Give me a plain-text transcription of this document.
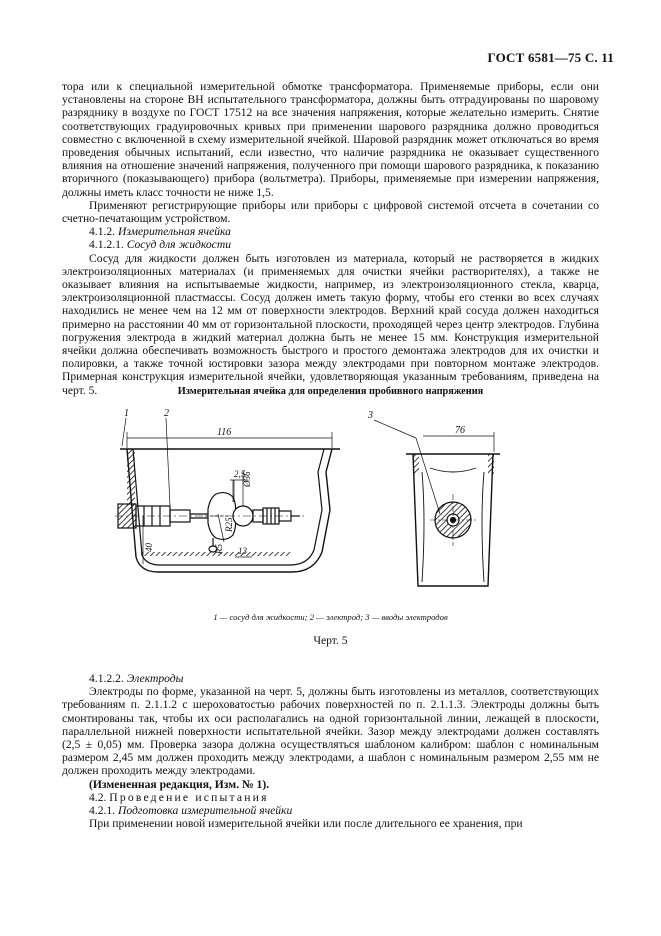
ГОСТ 6581—75 С. 11

тора или к специальной измерительной обмотке трансформатора. Применяемые приборы, если они установлены на стороне ВН испытательного трансформатора, должны быть отградуированы по шаровому разряднику в воздухе по ГОСТ 17512 на все значения напряжения, которые желательно измерить. Снятие соответствующих градуировочных кривых при применении шарового разрядника должно проводиться совместно с включенной в схему измерительной ячейкой. Шаровой разрядник может отключаться во время проведения обычных испытаний, если известно, что наличие разрядника не оказывает существенного влияния на отношение значений напряжения, полученного при помощи шарового разрядника, к показанию вторичного (показывающего) прибора (вольтметра). Приборы, применяемые при измерении напряжения, должны иметь класс точности не ниже 1,5.

Применяют регистрирующие приборы или приборы с цифровой системой отсчета в сочетании со счетно-печатающим устройством.

4.1.2. Измерительная ячейка

4.1.2.1. Сосуд для жидкости

Сосуд для жидкости должен быть изготовлен из материала, который не растворяется в жидких электроизоляционных материалах (и применяемых для очистки ячейки растворителях), а также не оказывает влияния на испытываемые жидкости, например, из электроизоляционного стекла, кварца, электроизоляционной пластмассы. Сосуд должен иметь такую форму, чтобы его стенки во всех случаях находились не менее чем на 12 мм от поверхности электродов. Верхний край сосуда должен находиться примерно на расстоянии 40 мм от горизонтальной плоскости, проходящей через центр электродов. Глубина погружения электрода в жидкий материал должна быть не менее 15 мм. Конструкция измерительной ячейки должна обеспечивать возможность быстрого и простого демонтажа электродов для их очистки и полировки, а также точной юстировки зазора между электродами при повторном монтаже электродов. Примерная конструкция измерительной ячейки, удовлетворяющая указанным требованиям, приведена на черт. 5.	Измерительная ячейка для определения пробивного напряжения
1	2	3
116	76
2,5
Ø36
R25
R5
40	13
1 — сосуд для жидкости; 2 — электрод; 3 — вводы электродов
Черт. 5

4.1.2.2. Электроды

Электроды по форме, указанной на черт. 5, должны быть изготовлены из металлов, соответствующих требованиям п. 2.1.1.2 с шероховатостью рабочих поверхностей по п. 2.1.1.3. Электроды должны быть смонтированы так, чтобы их оси располагались на одной горизонтальной линии, лежащей в плоскости, параллельной нижней поверхности испытательной ячейки. Зазор между электродами должен составлять (2,5 ± 0,05) мм. Проверка зазора должна осуществляться шаблоном калибром: шаблон с номинальным размером 2,45 мм должен проходить между электродами, а шаблон с номинальным размером 2,55 мм не должен проходить между электродами.

(Измененная редакция, Изм. № 1).

4.2. Проведение испытания

4.2.1. Подготовка измерительной ячейки

При применении новой измерительной ячейки или после длительного ее хранения, при
